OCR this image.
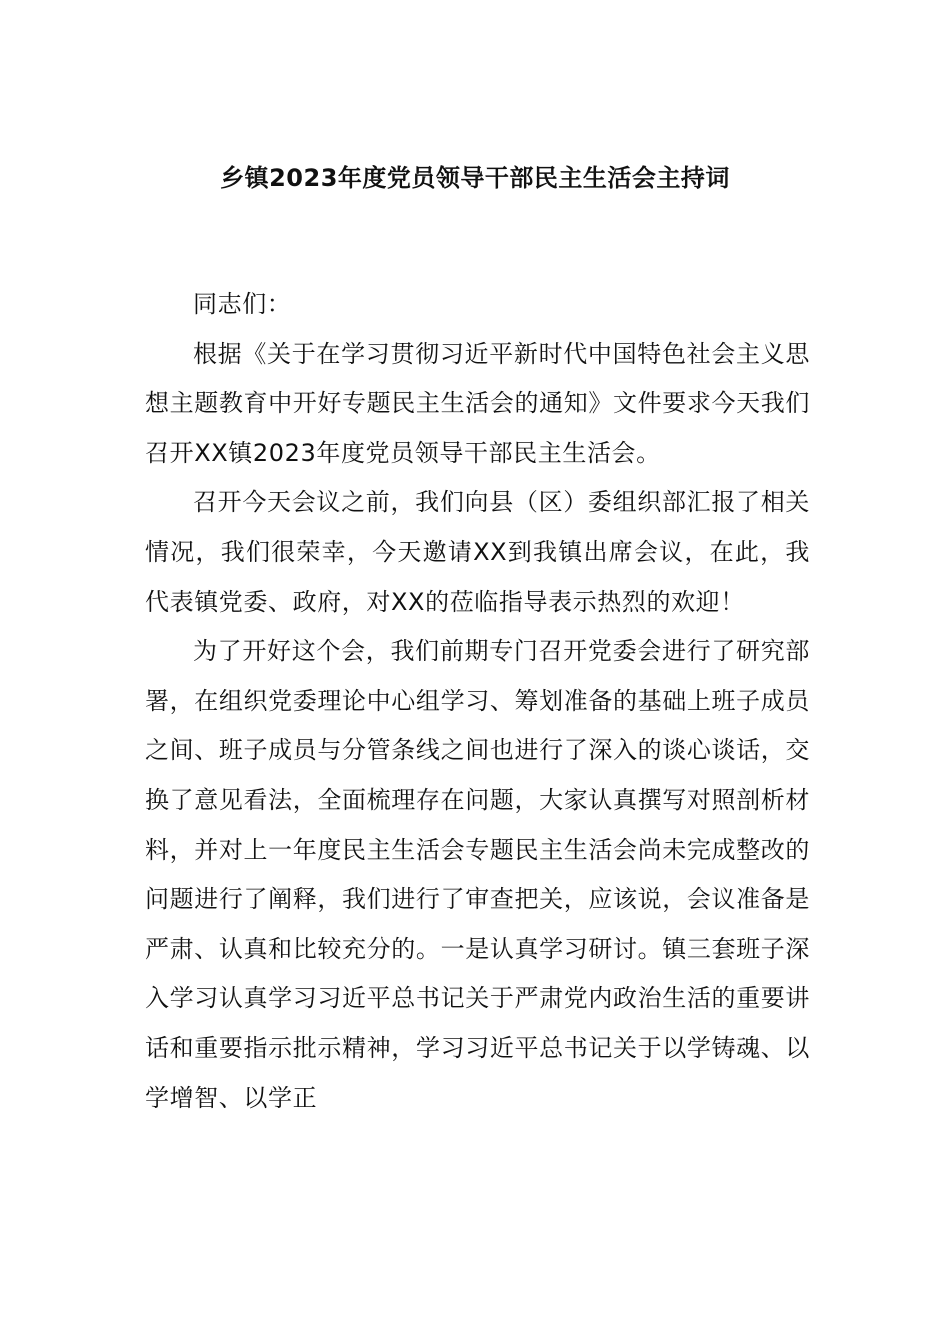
乡镇2023年度党员领导干部民主生活会主持词

同志们：

根据《关于在学习贯彻习近平新时代中国特色社会主义思想主题教育中开好专题民主生活会的通知》文件要求今天我们召开XX镇2023年度党员领导干部民主生活会。

召开今天会议之前，我们向县（区）委组织部汇报了相关情况，我们很荣幸，今天邀请XX到我镇出席会议，在此，我代表镇党委、政府，对XX的莅临指导表示热烈的欢迎！

为了开好这个会，我们前期专门召开党委会进行了研究部署，在组织党委理论中心组学习、筹划准备的基础上班子成员之间、班子成员与分管条线之间也进行了深入的谈心谈话，交换了意见看法，全面梳理存在问题，大家认真撰写对照剖析材料，并对上一年度民主生活会专题民主生活会尚未完成整改的问题进行了阐释，我们进行了审查把关，应该说，会议准备是严肃、认真和比较充分的。一是认真学习研讨。镇三套班子深入学习认真学习习近平总书记关于严肃党内政治生活的重要讲话和重要指示批示精神，学习习近平总书记关于以学铸魂、以学增智、以学正
